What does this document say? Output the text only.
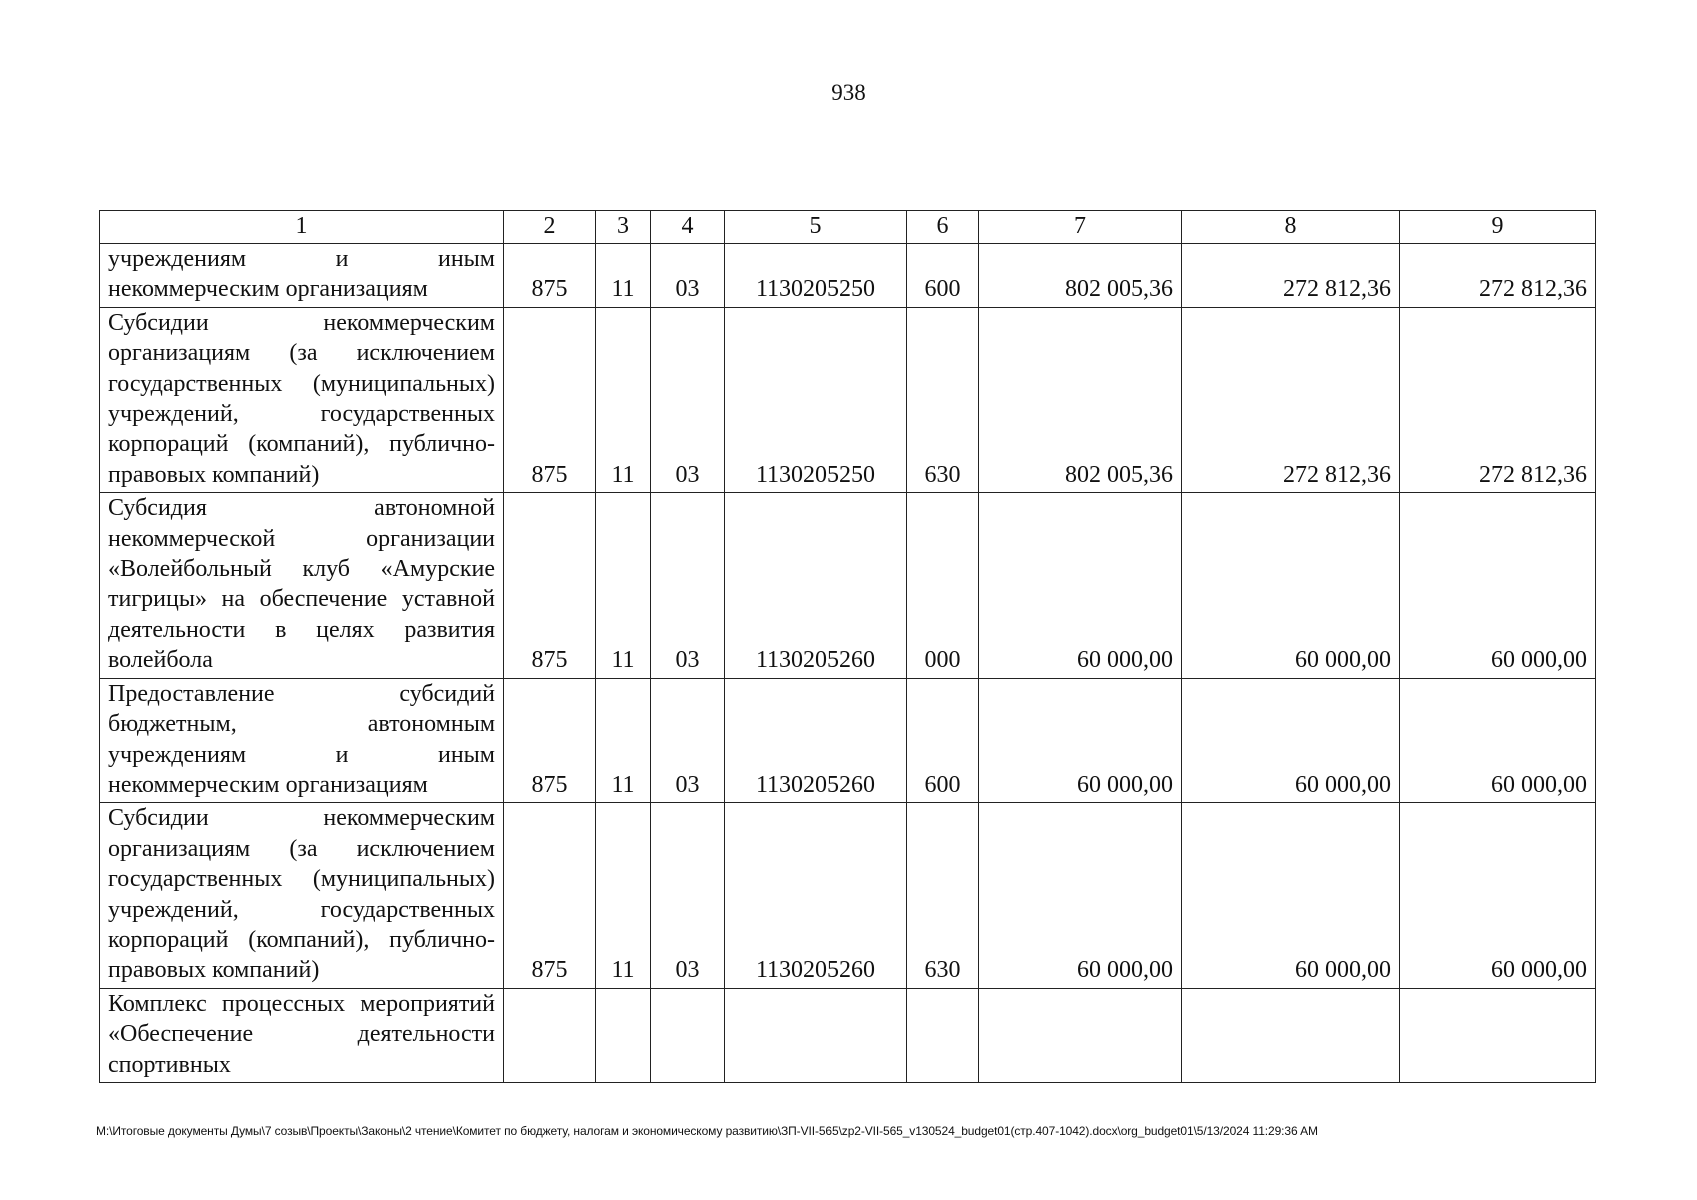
938
1	2	3	4	5	6	7	8	9
учреждениям и иным некоммерческим организациям	875	11	03	1130205250	600	802 005,36	272 812,36	272 812,36
Субсидии некоммерческим организациям (за исключением государственных (муниципальных) учреждений, государственных корпораций (компаний), публично-правовых компаний)	875	11	03	1130205250	630	802 005,36	272 812,36	272 812,36
Субсидия автономной некоммерческой организации «Волейбольный клуб «Амурские тигрицы» на обеспечение уставной деятельности в целях развития волейбола	875	11	03	1130205260	000	60 000,00	60 000,00	60 000,00
Предоставление субсидий бюджетным, автономным учреждениям и иным некоммерческим организациям	875	11	03	1130205260	600	60 000,00	60 000,00	60 000,00
Субсидии некоммерческим организациям (за исключением государственных (муниципальных) учреждений, государственных корпораций (компаний), публично-правовых компаний)	875	11	03	1130205260	630	60 000,00	60 000,00	60 000,00
Комплекс процессных мероприятий «Обеспечение деятельности спортивных								
M:\Итоговые документы Думы\7 созыв\Проекты\Законы\2 чтение\Комитет по бюджету, налогам и экономическому развитию\ЗП-VII-565\zp2-VII-565_v130524_budget01(стр.407-1042).docx\org_budget01\5/13/2024 11:29:36 AM
